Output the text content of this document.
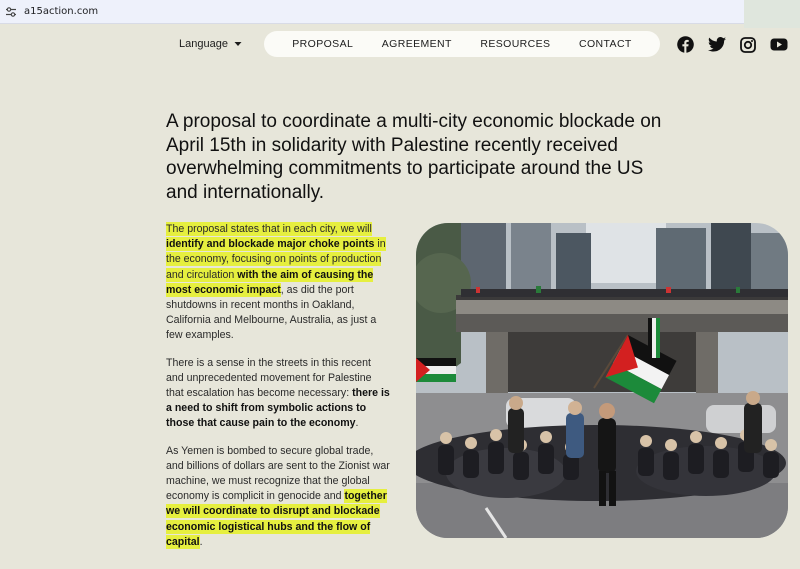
a15action.com
Language	PROPOSAL	AGREEMENT	RESOURCES	CONTACT
A proposal to coordinate a multi-city economic blockade on April 15th in solidarity with Palestine recently received overwhelming commitments to participate around the US and internationally.

The proposal states that in each city, we will identify and blockade major choke points in the economy, focusing on points of production and circulation with the aim of causing the most economic impact, as did the port shutdowns in recent months in Oakland, California and Melbourne, Australia, as just a few examples.

There is a sense in the streets in this recent and unprecedented movement for Palestine that escalation has become necessary: there is a need to shift from symbolic actions to those that cause pain to the economy.

As Yemen is bombed to secure global trade, and billions of dollars are sent to the Zionist war machine, we must recognize that the global economy is complicit in genocide and together we will coordinate to disrupt and blockade economic logistical hubs and the flow of capital.
